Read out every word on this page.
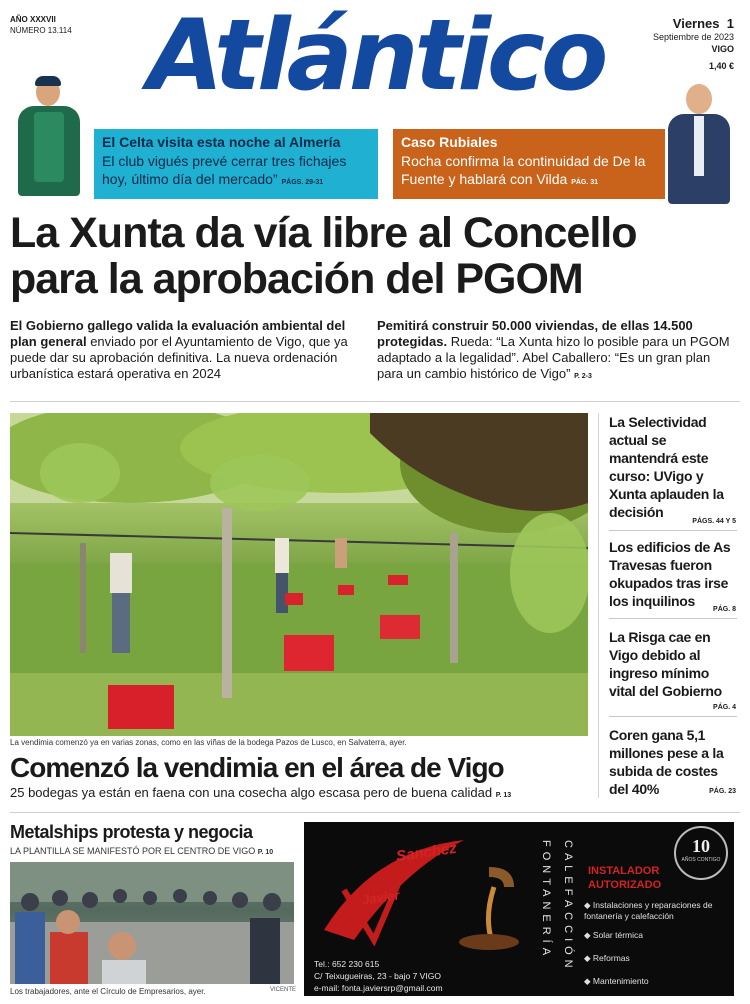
AÑO XXXVII
NÚMERO 13.114 Atlántico	Viernes 1
Septiembre de 2023
VIGO
1,40 €
El Celta visita esta noche al Almería
El club vigués prevé cerrar tres fichajes hoy, último día del mercado” PÁGS. 29-31
Caso Rubiales
Rocha confirma la continuidad de De la Fuente y hablará con Vilda PÁG. 31
La Xunta da vía libre al Concello
para la aprobación del PGOM
El Gobierno gallego valida la evaluación ambiental del plan general enviado por el Ayuntamiento de Vigo, que ya puede dar su aprobación definitiva. La nueva ordenación urbanística estará operativa en 2024
Pemitirá construir 50.000 viviendas, de ellas 14.500 protegidas. Rueda: “La Xunta hizo lo posible para un PGOM adaptado a la legalidad”. Abel Caballero: “Es un gran plan para un cambio histórico de Vigo” P. 2-3
La vendimia comenzó ya en varias zonas, como en las viñas de la bodega Pazos de Lusco, en Salvaterra, ayer.
Comenzó la vendimia en el área de Vigo
25 bodegas ya están en faena con una cosecha algo escasa pero de buena calidad P. 13
La Selectividad actual se mantendrá este curso: UVigo y Xunta aplauden la decisión
PÁGS. 44 Y 5
Los edificios de As Travesas fueron okupados tras irse los inquilinos
PÁG. 8
La Risga cae en Vigo debido al ingreso mínimo vital del Gobierno
PÁG. 4
Coren gana 5,1 millones pese a la subida de costes del 40%	PÁG. 23
Metalships protesta y negocia
LA PLANTILLA SE MANIFESTÓ POR EL CENTRO DE VIGO P. 10
Los trabajadores, ante el Círculo de Empresarios, ayer.	VICENTE
Sanchez
Javier	FONTANERÍA CALEFACCIÓN	10
AÑOS CONTIGO
INSTALADOR
AUTORIZADO
◆ Instalaciones y reparaciones de fontanería y calefacción
◆ Solar térmica
◆ Reformas
◆ Mantenimiento
Tel.: 652 230 615
C/ Teixugueiras, 23 - bajo 7 VIGO
e-mail: fonta.javiersrp@gmail.com
